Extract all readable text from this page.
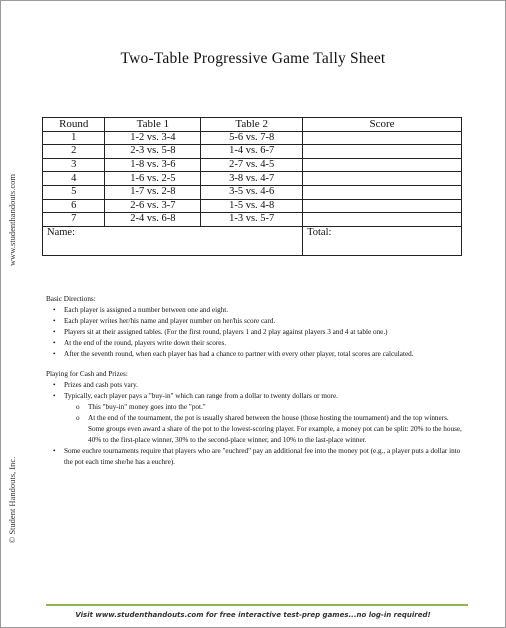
Two-Table Progressive Game Tally Sheet
www.studenthandouts.com
© Student Handouts, Inc.
Round	Table 1	Table 2	Score
1	1-2 vs. 3-4	5-6 vs. 7-8	
2	2-3 vs. 5-8	1-4 vs. 6-7	
3	1-8 vs. 3-6	2-7 vs. 4-5	
4	1-6 vs. 2-5	3-8 vs. 4-7	
5	1-7 vs. 2-8	3-5 vs. 4-6	
6	2-6 vs. 3-7	1-5 vs. 4-8	
7	2-4 vs. 6-8	1-3 vs. 5-7	
Name:			Total:

Basic Directions:

• Each player is assigned a number between one and eight.
• Each player writes her/his name and player number on her/his score card.
• Players sit at their assigned tables. (For the first round, players 1 and 2 play against players 3 and 4 at table one.)
• At the end of the round, players write down their scores.
• After the seventh round, when each player has had a chance to partner with every other player, total scores are calculated.

Playing for Cash and Prizes:

• Prizes and cash pots vary.
• Typically, each player pays a "buy-in" which can range from a dollar to twenty dollars or more.
o This "buy-in" money goes into the "pot."
o At the end of the tournament, the pot is usually shared between the house (those hosting the tournament) and the top winners. Some groups even award a share of the pot to the lowest-scoring player. For example, a money pot can be split: 20% to the house, 40% to the first-place winner, 30% to the second-place winner, and 10% to the last-place winner.
• Some euchre tournaments require that players who are "euchred" pay an additional fee into the money pot (e.g., a player puts a dollar into the pot each time she/he has a euchre).
Visit www.studenthandouts.com for free interactive test-prep games...no log-in required!
